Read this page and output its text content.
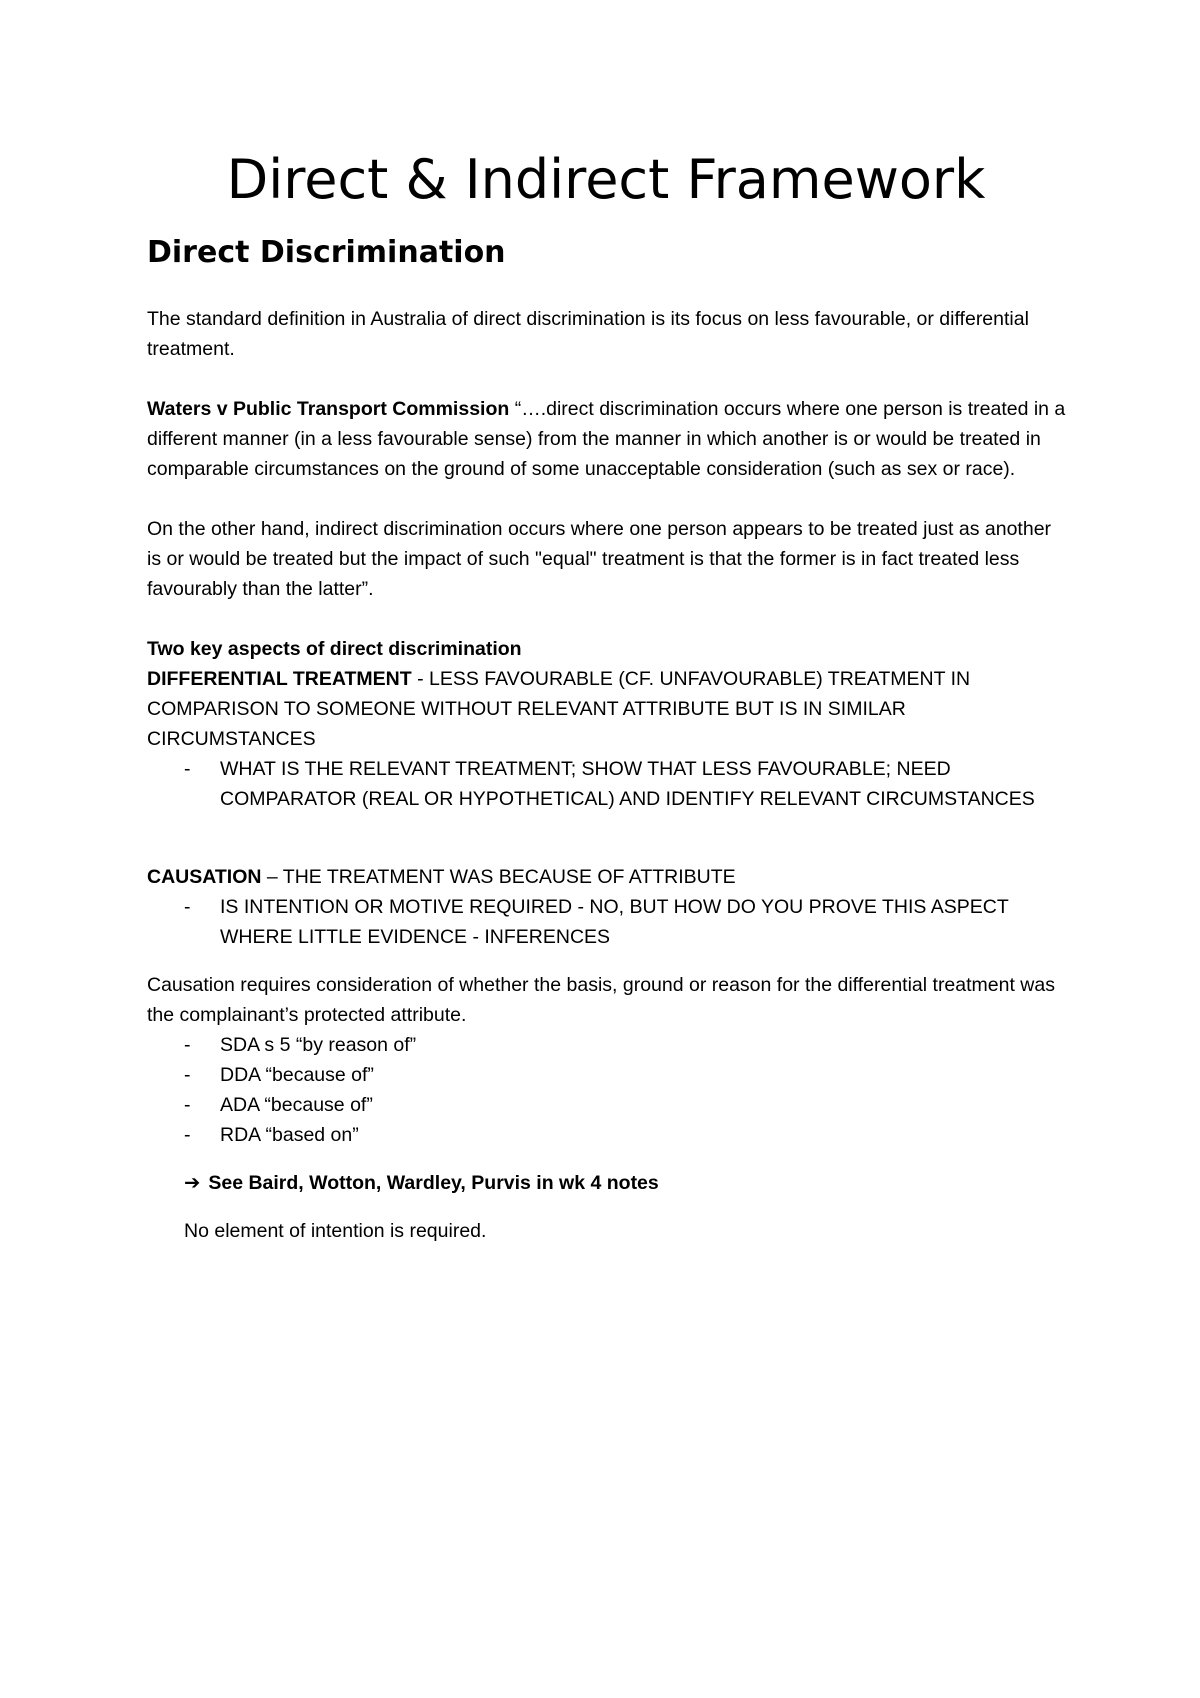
Direct & Indirect Framework
Direct Discrimination

The standard definition in Australia of direct discrimination is its focus on less favourable, or differential treatment.

Waters v Public Transport Commission “….direct discrimination occurs where one person is treated in a different manner (in a less favourable sense) from the manner in which another is or would be treated in comparable circumstances on the ground of some unacceptable consideration (such as sex or race).

On the other hand, indirect discrimination occurs where one person appears to be treated just as another is or would be treated but the impact of such "equal" treatment is that the former is in fact treated less favourably than the latter”.

Two key aspects of direct discrimination

DIFFERENTIAL TREATMENT - LESS FAVOURABLE (CF. UNFAVOURABLE) TREATMENT IN COMPARISON TO SOMEONE WITHOUT RELEVANT ATTRIBUTE BUT IS IN SIMILAR CIRCUMSTANCES

- WHAT IS THE RELEVANT TREATMENT; SHOW THAT LESS FAVOURABLE; NEED COMPARATOR (REAL OR HYPOTHETICAL) AND IDENTIFY RELEVANT CIRCUMSTANCES

CAUSATION – THE TREATMENT WAS BECAUSE OF ATTRIBUTE

- IS INTENTION OR MOTIVE REQUIRED - NO, BUT HOW DO YOU PROVE THIS ASPECT WHERE LITTLE EVIDENCE - INFERENCES

Causation requires consideration of whether the basis, ground or reason for the differential treatment was the complainant’s protected attribute.

- SDA s 5 “by reason of”
- DDA “because of”
- ADA “because of”
- RDA “based on”

➔ See Baird, Wotton, Wardley, Purvis in wk 4 notes

No element of intention is required.
